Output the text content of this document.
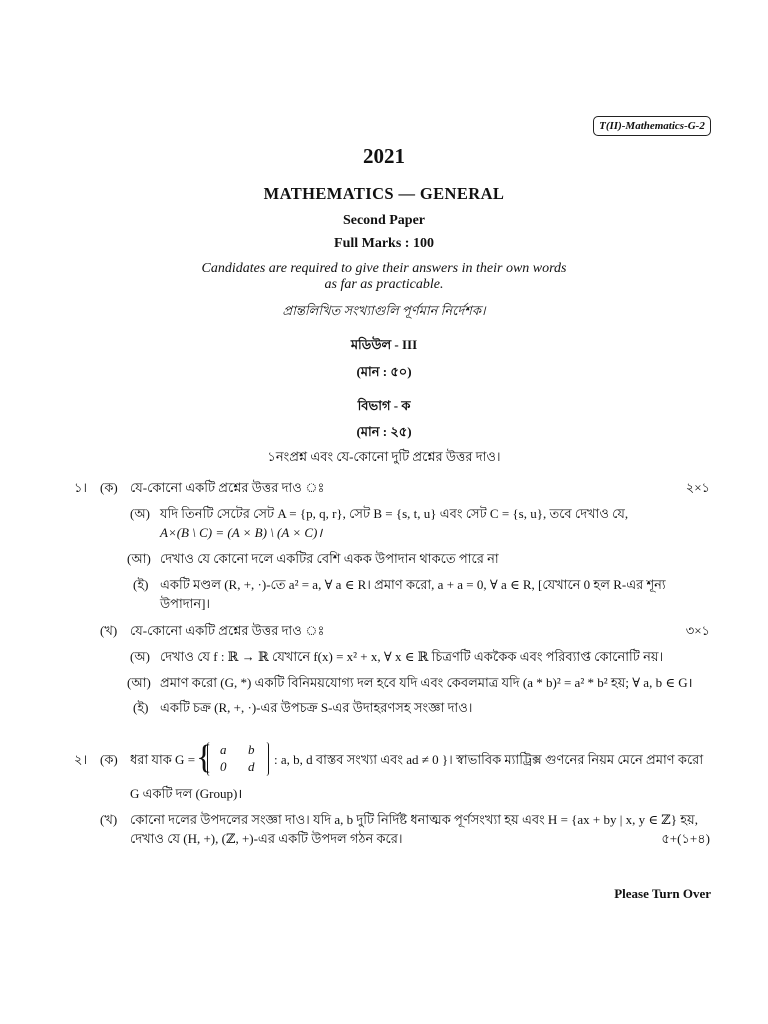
T(II)-Mathematics-G-2
2021
MATHEMATICS — GENERAL
Second Paper
Full Marks : 100
Candidates are required to give their answers in their own words
as far as practicable.
প্রান্তলিখিত সংখ্যাগুলি পূর্ণমান নির্দেশক।
মডিউল - III
(মান : ৫০)
বিভাগ - ক
(মান : ২৫)
১নংপ্রশ্ন এবং যে-কোনো দুটি প্রশ্নের উত্তর দাও।
১। (ক) যে-কোনো একটি প্রশ্নের উত্তর দাও ঃ	২×১
(অ) যদি তিনটি সেটের সেট A = {p, q, r}, সেট B = {s, t, u} এবং সেট C = {s, u}, তবে দেখাও যে,
A×(B \ C) = (A × B) \ (A × C)।
(আ) দেখাও যে কোনো দলে একটির বেশি একক উপাদান থাকতে পারে না
(ই) একটি মণ্ডল (R, +, ·)-তে a² = a, ∀ a ∈ R। প্রমাণ করো, a + a = 0, ∀ a ∈ R, [যেখানে 0 হল R-এর শূন্য
উপাদান]।
(খ) যে-কোনো একটি প্রশ্নের উত্তর দাও ঃ	৩×১
(অ) দেখাও যে f : ℝ → ℝ যেখানে f(x) = x² + x, ∀ x ∈ ℝ চিত্রণটি এককৈক এবং পরিব্যাপ্ত কোনোটি নয়।
(আ) প্রমাণ করো (G, *) একটি বিনিময়যোগ্য দল হবে যদি এবং কেবলমাত্র যদি (a * b)² = a² * b² হয়; ∀ a, b ∈ G।
(ই) একটি চক্র (R, +, ·)-এর উপচক্র S-এর উদাহরণসহ সংজ্ঞা দাও।
২। (ক) ধরা যাক G = { a b
0 d : a, b, d বাস্তব সংখ্যা এবং ad ≠ 0 }। স্বাভাবিক ম্যাট্রিক্স গুণনের নিয়ম মেনে প্রমাণ করো
G একটি দল (Group)।
(খ) কোনো দলের উপদলের সংজ্ঞা দাও। যদি a, b দুটি নির্দিষ্ট ধনাত্মক পূর্ণসংখ্যা হয় এবং H = {ax + by | x, y ∈ ℤ} হয়,
দেখাও যে (H, +), (ℤ, +)-এর একটি উপদল গঠন করে।	৫+(১+৪)
Please Turn Over
